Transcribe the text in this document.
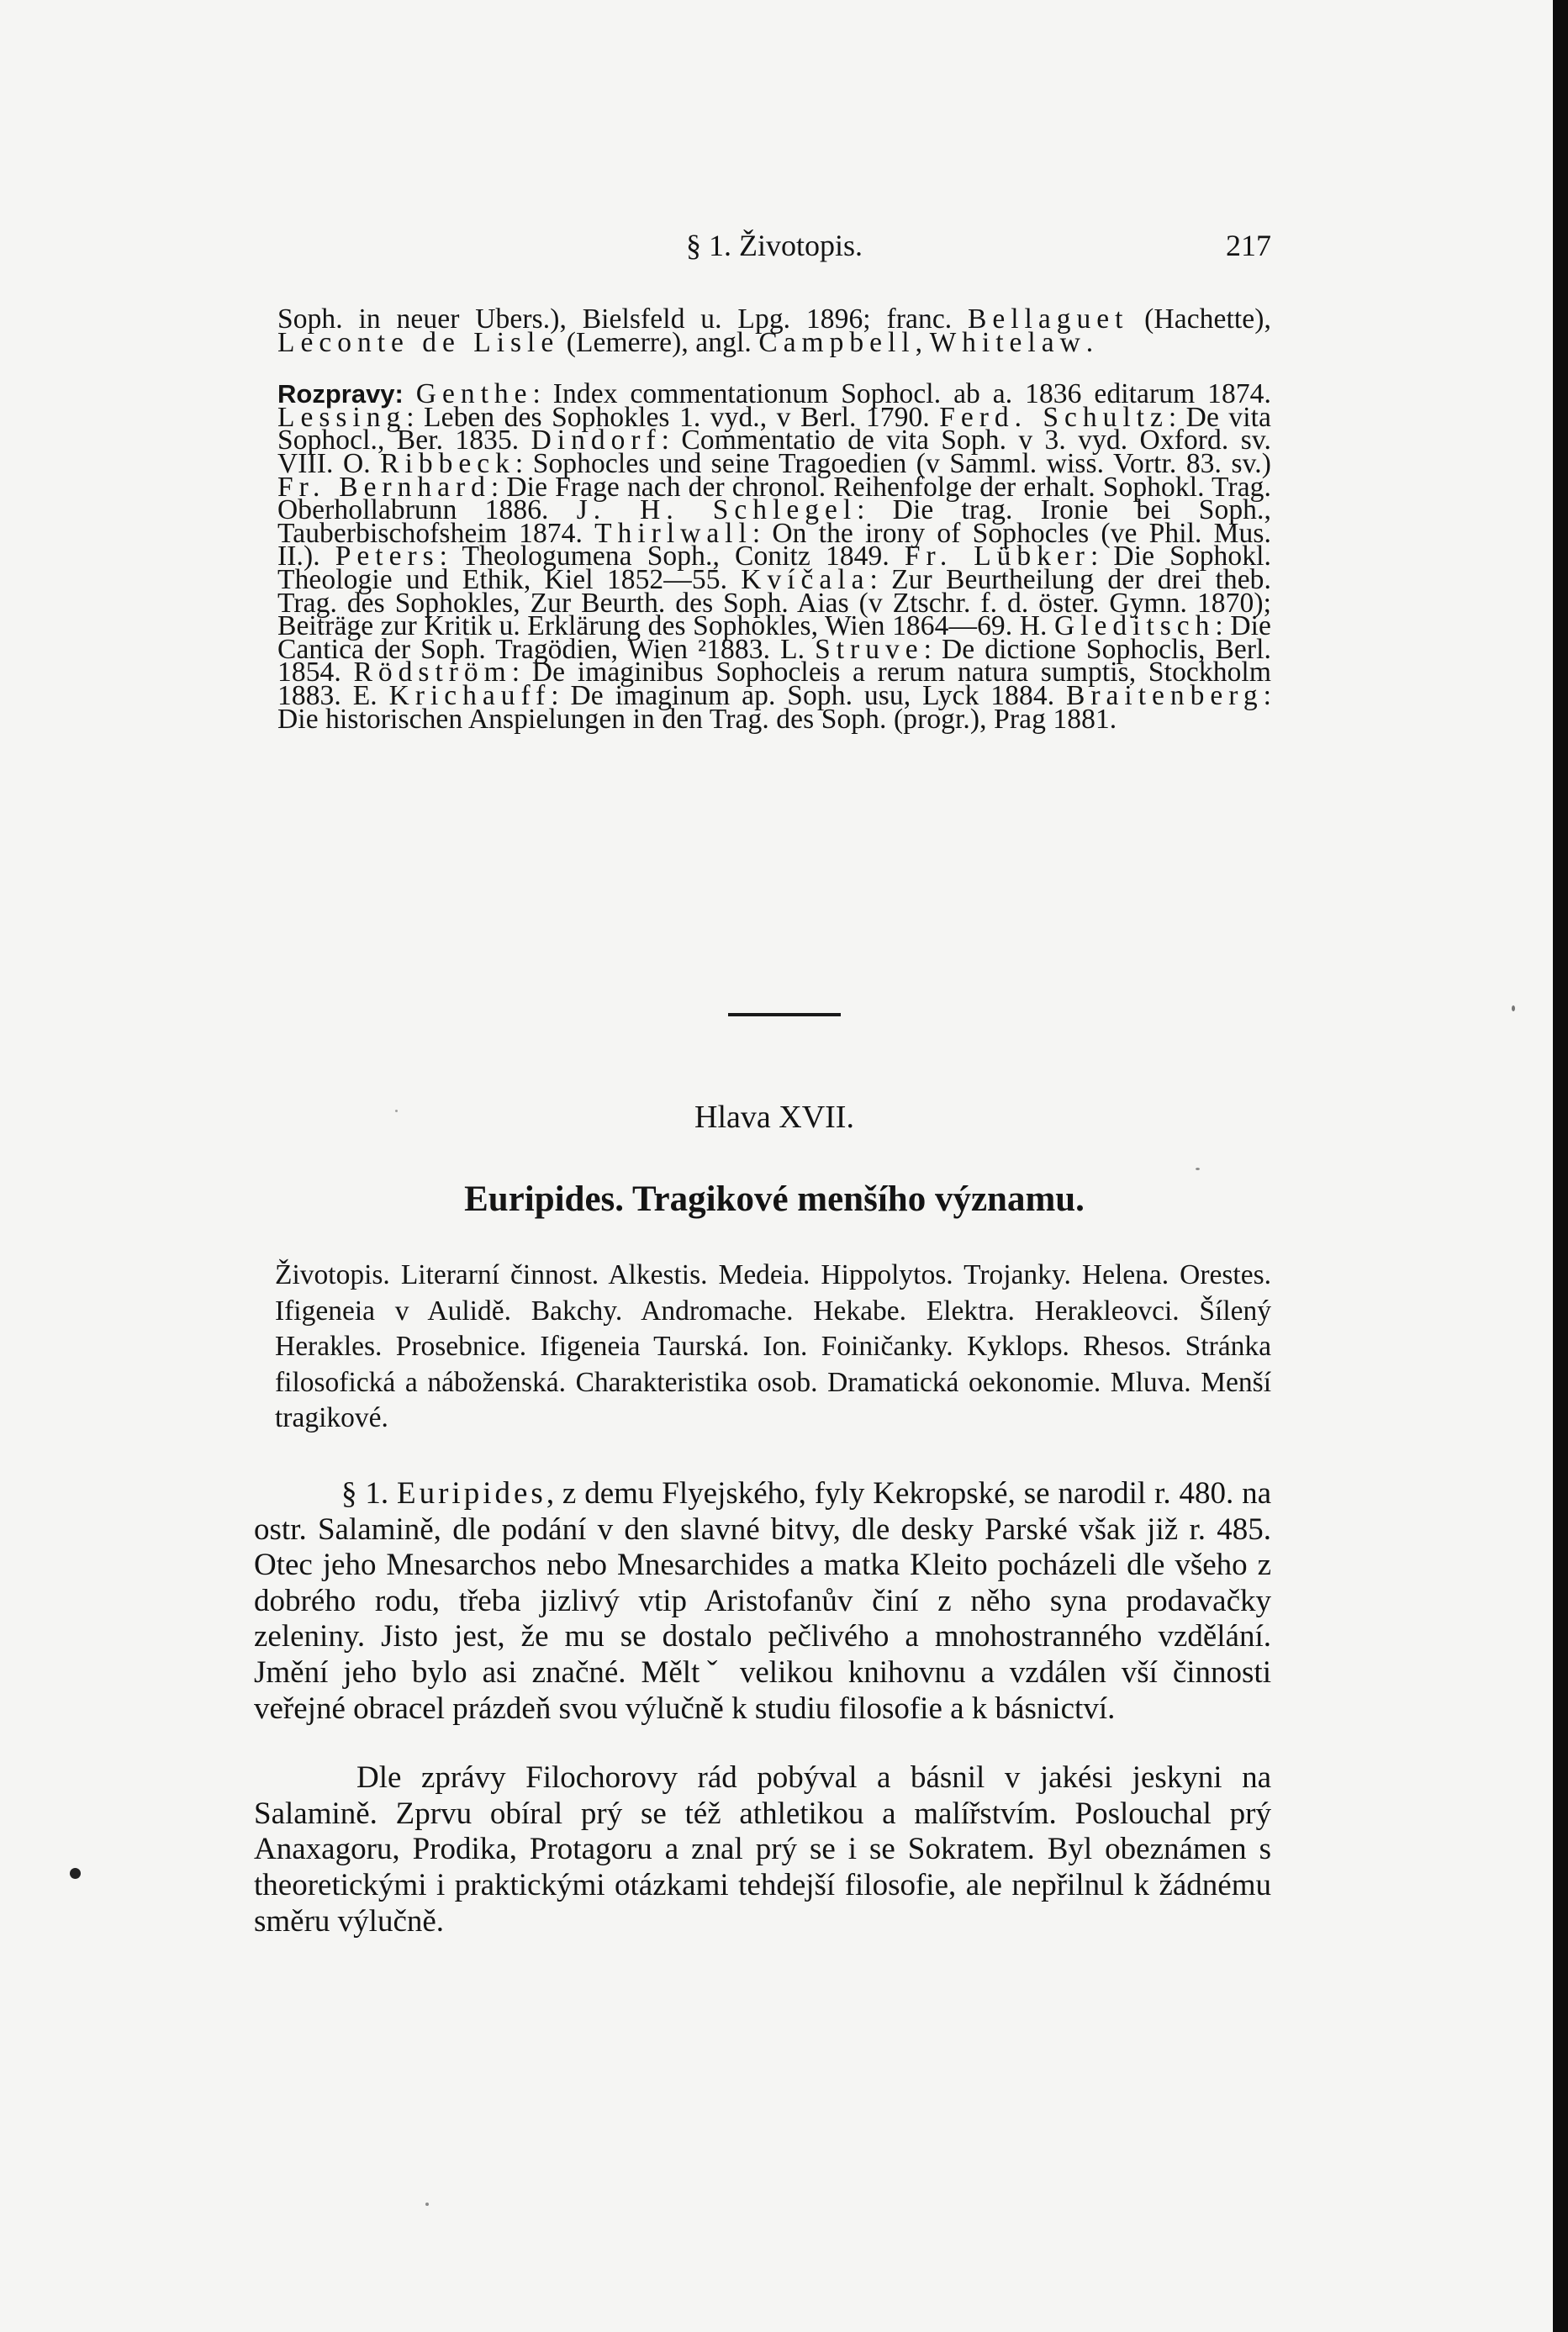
§ 1. Životopis.	217

Soph. in neuer Ubers.), Bielsfeld u. Lpg. 1896; franc. Bellaguet (Hachette), Leconte de Lisle (Lemerre), angl. Campbell, Whitelaw.

Rozpravy: Genthe: Index commentationum Sophocl. ab a. 1836 editarum 1874. Lessing: Leben des Sophokles 1. vyd., v Berl. 1790. Ferd. Schultz: De vita Sophocl., Ber. 1835. Dindorf: Commentatio de vita Soph. v 3. vyd. Oxford. sv. VIII. O. Ribbeck: Sophocles und seine Tragoedien (v Samml. wiss. Vortr. 83. sv.) Fr. Bernhard: Die Frage nach der chronol. Reihenfolge der erhalt. Sophokl. Trag. Oberhollabrunn 1886. J. H. Schlegel: Die trag. Ironie bei Soph., Tauberbischofsheim 1874. Thirlwall: On the irony of Sophocles (ve Phil. Mus. II.). Peters: Theologumena Soph., Conitz 1849. Fr. Lübker: Die Sophokl. Theologie und Ethik, Kiel 1852—55. Kvíčala: Zur Beurtheilung der drei theb. Trag. des Sophokles, Zur Beurth. des Soph. Aias (v Ztschr. f. d. öster. Gymn. 1870); Beiträge zur Kritik u. Erklärung des Sophokles, Wien 1864—69. H. Gleditsch: Die Cantica der Soph. Tragödien, Wien ²1883. L. Struve: De dictione Sophoclis, Berl. 1854. Rödström: De imaginibus Sophocleis a rerum natura sumptis, Stockholm 1883. E. Krichauff: De imaginum ap. Soph. usu, Lyck 1884. Braitenberg: Die historischen Anspielungen in den Trag. des Soph. (progr.), Prag 1881.

Hlava XVII.
Euripides. Tragikové menšího významu.

Životopis. Literarní činnost. Alkestis. Medeia. Hippolytos. Trojanky. Helena. Orestes. Ifigeneia v Aulidě. Bakchy. Andromache. Hekabe. Elektra. Herakleovci. Šílený Herakles. Prosebnice. Ifigeneia Taurská. Ion. Foiničanky. Kyklops. Rhesos. Stránka filosofická a náboženská. Charakteristika osob. Dramatická oekonomie. Mluva. Menší tragikové.

§ 1. Euripides, z demu Flyejského, fyly Kekropské, se narodil r. 480. na ostr. Salamině, dle podání v den slavné bitvy, dle desky Parské však již r. 485. Otec jeho Mnesarchos nebo Mnesarchides a matka Kleito pocházeli dle všeho z dobrého rodu, třeba jizlivý vtip Aristofanův činí z něho syna prodavačky zeleniny. Jisto jest, že mu se dostalo pečlivého a mnohostranného vzdělání. Jmění jeho bylo asi značné. Měltˇ velikou knihovnu a vzdálen vší činnosti veřejné obracel prázdeň svou výlučně k studiu filosofie a k básnictví.

Dle zprávy Filochorovy rád pobýval a básnil v jakési jeskyni na Salamině. Zprvu obíral prý se též athletikou a malířstvím. Poslouchal prý Anaxagoru, Prodika, Protagoru a znal prý se i se Sokratem. Byl obeznámen s theoretickými i praktickými otázkami tehdejší filosofie, ale nepřilnul k žádnému směru výlučně.
